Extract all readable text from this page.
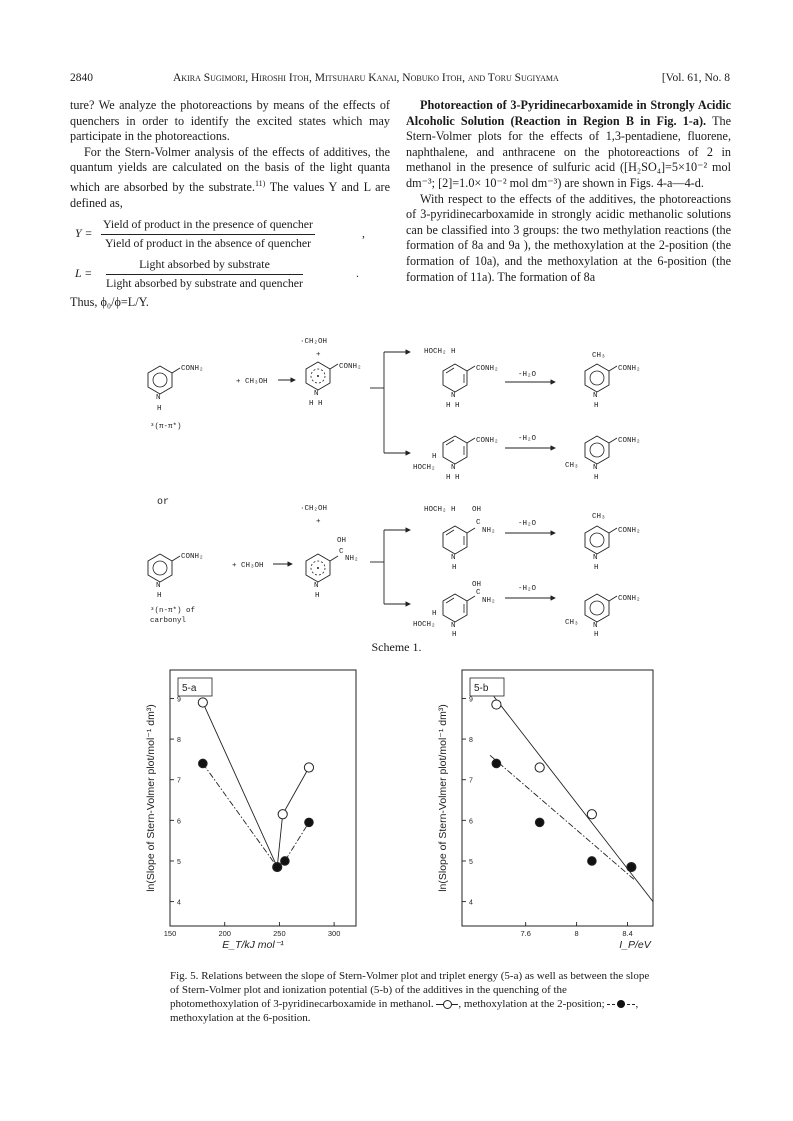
2840	Akira Sugimori, Hiroshi Itoh, Mitsuharu Kanai, Nobuko Itoh, and Toru Sugiyama	[Vol. 61, No. 8

ture? We analyze the photoreactions by means of the effects of quenchers in order to identify the excited states which may participate in the photoreactions.

For the Stern-Volmer analysis of the effects of additives, the quantum yields are calculated on the basis of the light quanta which are absorbed by the substrate.$^{11)}$ The values Y and L are defined as,

Y =
Yield of product in the presence of quencher
Yield of product in the absence of quencher
,
L =
Light absorbed by substrate
Light absorbed by substrate and quencher
.

Thus, ϕ₀/ϕ=L/Y.

Photoreaction of 3-Pyridinecarboxamide in Strongly Acidic Alcoholic Solution (Reaction in Region B in Fig. 1-a). The Stern-Volmer plots for the effects of 1,3-pentadiene, fluorene, naphthalene, and anthracene on the photoreactions of 2 in methanol in the presence of sulfuric acid ([H₂SO₄]=5×10⁻² mol dm⁻³; [2]=1.0× 10⁻² mol dm⁻³) are shown in Figs. 4-a—4-d.

With respect to the effects of the additives, the photoreactions of 3-pyridinecarboxamide in strongly acidic methanolic solutions can be classified into 3 groups: the two methylation reactions (the formation of 8a and 9a ), the methoxylation at the 2-position (the formation of 10a), and the methoxylation at the 6-position (the formation of 11a). The formation of 8a

CONH₂
N
H
³(π-π*)
+ CH₃OH
·CH₂OH
+
CONH₂
N
H H
HOCH₂ H
CONH₂
N
H H
-H₂O
CH₃
CONH₂
N
H
CONH₂
H
HOCH₂ N
H H
-H₂O	CONH₂
CH₃ N
H
or
CONH₂
N
H
³(n-π*) of
carbonyl
+ CH₃OH
·CH₂OH
+
OH
C
NH₂
N
H
HOCH₂ H OH
C
NH₂
N
H
-H₂O
CH₃
CONH₂
N
H
OH
C
NH₂
H
HOCH₂ N
H
-H₂O
CONH₂
CH₃ N
H
Scheme 1.
5-a
4
5
6
7
8
9
150	200	250	300
ln(Slope of Stern-Volmer plot/mol⁻¹ dm³)
E_T/kJ mol⁻¹
5-b
4
5
6
7
8
9
7.6	8	8.4
ln(Slope of Stern-Volmer plot/mol⁻¹ dm³)
I_P/eV
Fig. 5. Relations between the slope of Stern-Volmer plot and triplet energy (5-a) as well as between the slope of Stern-Volmer plot and ionization potential (5-b) of the additives in the quenching of the photomethoxylation of 3-pyridinecarboxamide in methanol. , methoxylation at the 2-position;	, methoxylation at the 6-position.
